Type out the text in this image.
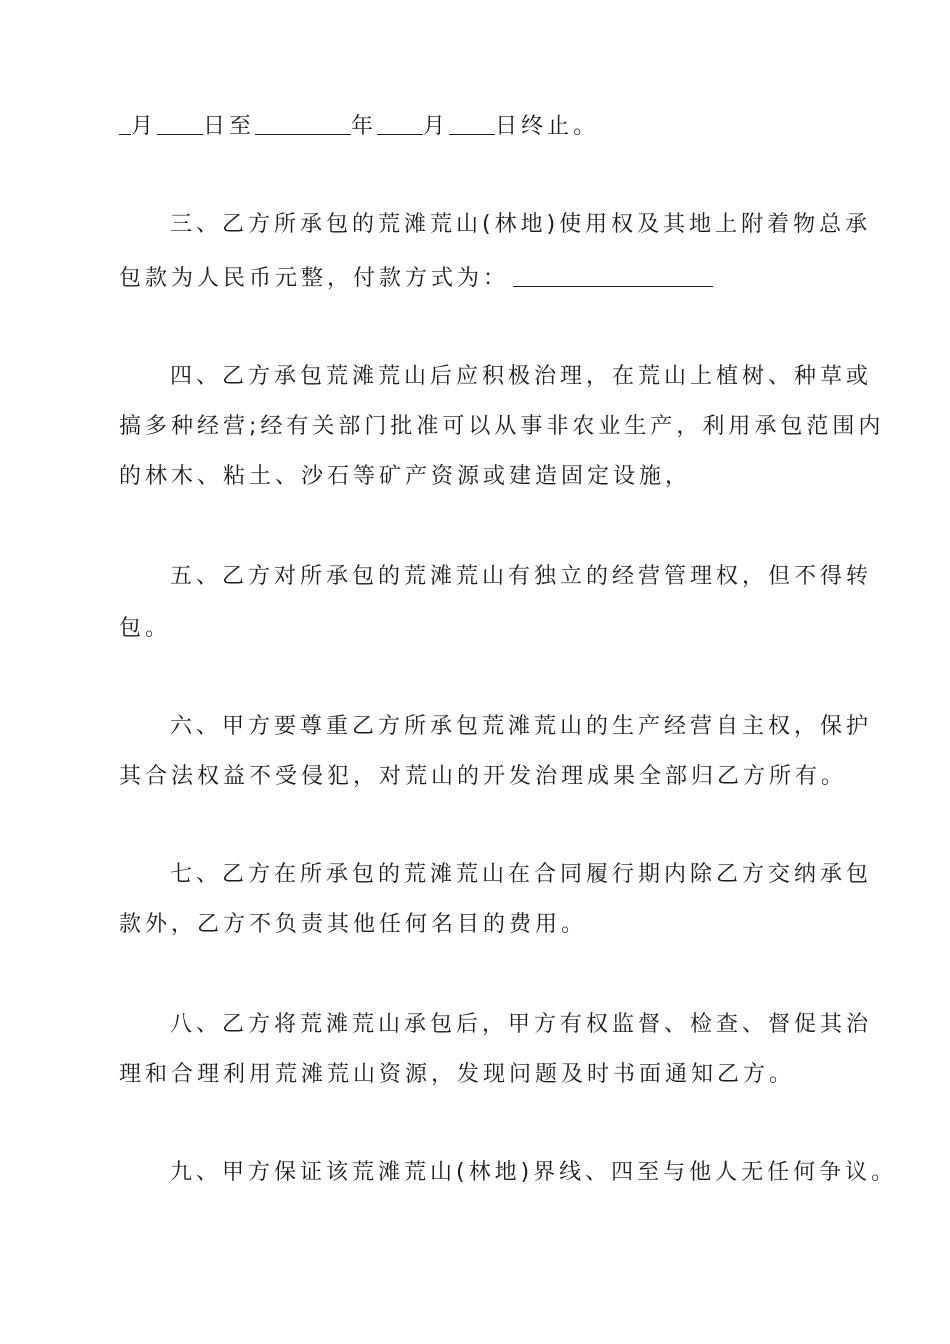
月 日至	年 月 日终止。
三、乙方所承包的荒滩荒山(林地)使用权及其地上附着物总承
包款为人民币元整，付款方式为：
四、乙方承包荒滩荒山后应积极治理，在荒山上植树、种草或
搞多种经营;经有关部门批准可以从事非农业生产，利用承包范围内
的林木、粘土、沙石等矿产资源或建造固定设施，
五、乙方对所承包的荒滩荒山有独立的经营管理权，但不得转
包。
六、甲方要尊重乙方所承包荒滩荒山的生产经营自主权，保护
其合法权益不受侵犯，对荒山的开发治理成果全部归乙方所有。
七、乙方在所承包的荒滩荒山在合同履行期内除乙方交纳承包
款外，乙方不负责其他任何名目的费用。
八、乙方将荒滩荒山承包后，甲方有权监督、检查、督促其治
理和合理利用荒滩荒山资源，发现问题及时书面通知乙方。
九、甲方保证该荒滩荒山(林地)界线、四至与他人无任何争议。
